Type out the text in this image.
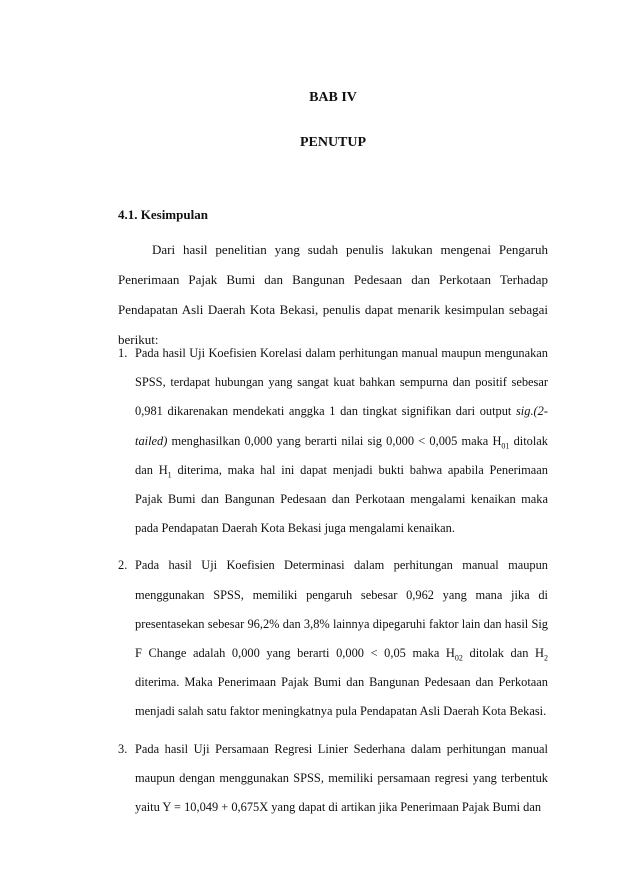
BAB IV
PENUTUP
4.1. Kesimpulan

Dari hasil penelitian yang sudah penulis lakukan mengenai Pengaruh Penerimaan Pajak Bumi dan Bangunan Pedesaan dan Perkotaan Terhadap Pendapatan Asli Daerah Kota Bekasi, penulis dapat menarik kesimpulan sebagai berikut:

1. Pada hasil Uji Koefisien Korelasi dalam perhitungan manual maupun mengunakan SPSS, terdapat hubungan yang sangat kuat bahkan sempurna dan positif sebesar 0,981 dikarenakan mendekati anggka 1 dan tingkat signifikan dari output sig.(2-tailed) menghasilkan 0,000 yang berarti nilai sig 0,000 < 0,005 maka $H_{01}$ ditolak dan $H_1$ diterima, maka hal ini dapat menjadi bukti bahwa apabila Penerimaan Pajak Bumi dan Bangunan Pedesaan dan Perkotaan mengalami kenaikan maka pada Pendapatan Daerah Kota Bekasi juga mengalami kenaikan.
2. Pada hasil Uji Koefisien Determinasi dalam perhitungan manual maupun menggunakan SPSS, memiliki pengaruh sebesar 0,962 yang mana jika di presentasekan sebesar 96,2% dan 3,8% lainnya dipegaruhi faktor lain dan hasil Sig F Change adalah 0,000 yang berarti 0,000 < 0,05 maka $H_{02}$ ditolak dan $H_2$ diterima. Maka Penerimaan Pajak Bumi dan Bangunan Pedesaan dan Perkotaan menjadi salah satu faktor meningkatnya pula Pendapatan Asli Daerah Kota Bekasi.
3. Pada hasil Uji Persamaan Regresi Linier Sederhana dalam perhitungan manual maupun dengan menggunakan SPSS, memiliki persamaan regresi yang terbentuk yaitu Y = 10,049 + 0,675X yang dapat di artikan jika Penerimaan Pajak Bumi dan
